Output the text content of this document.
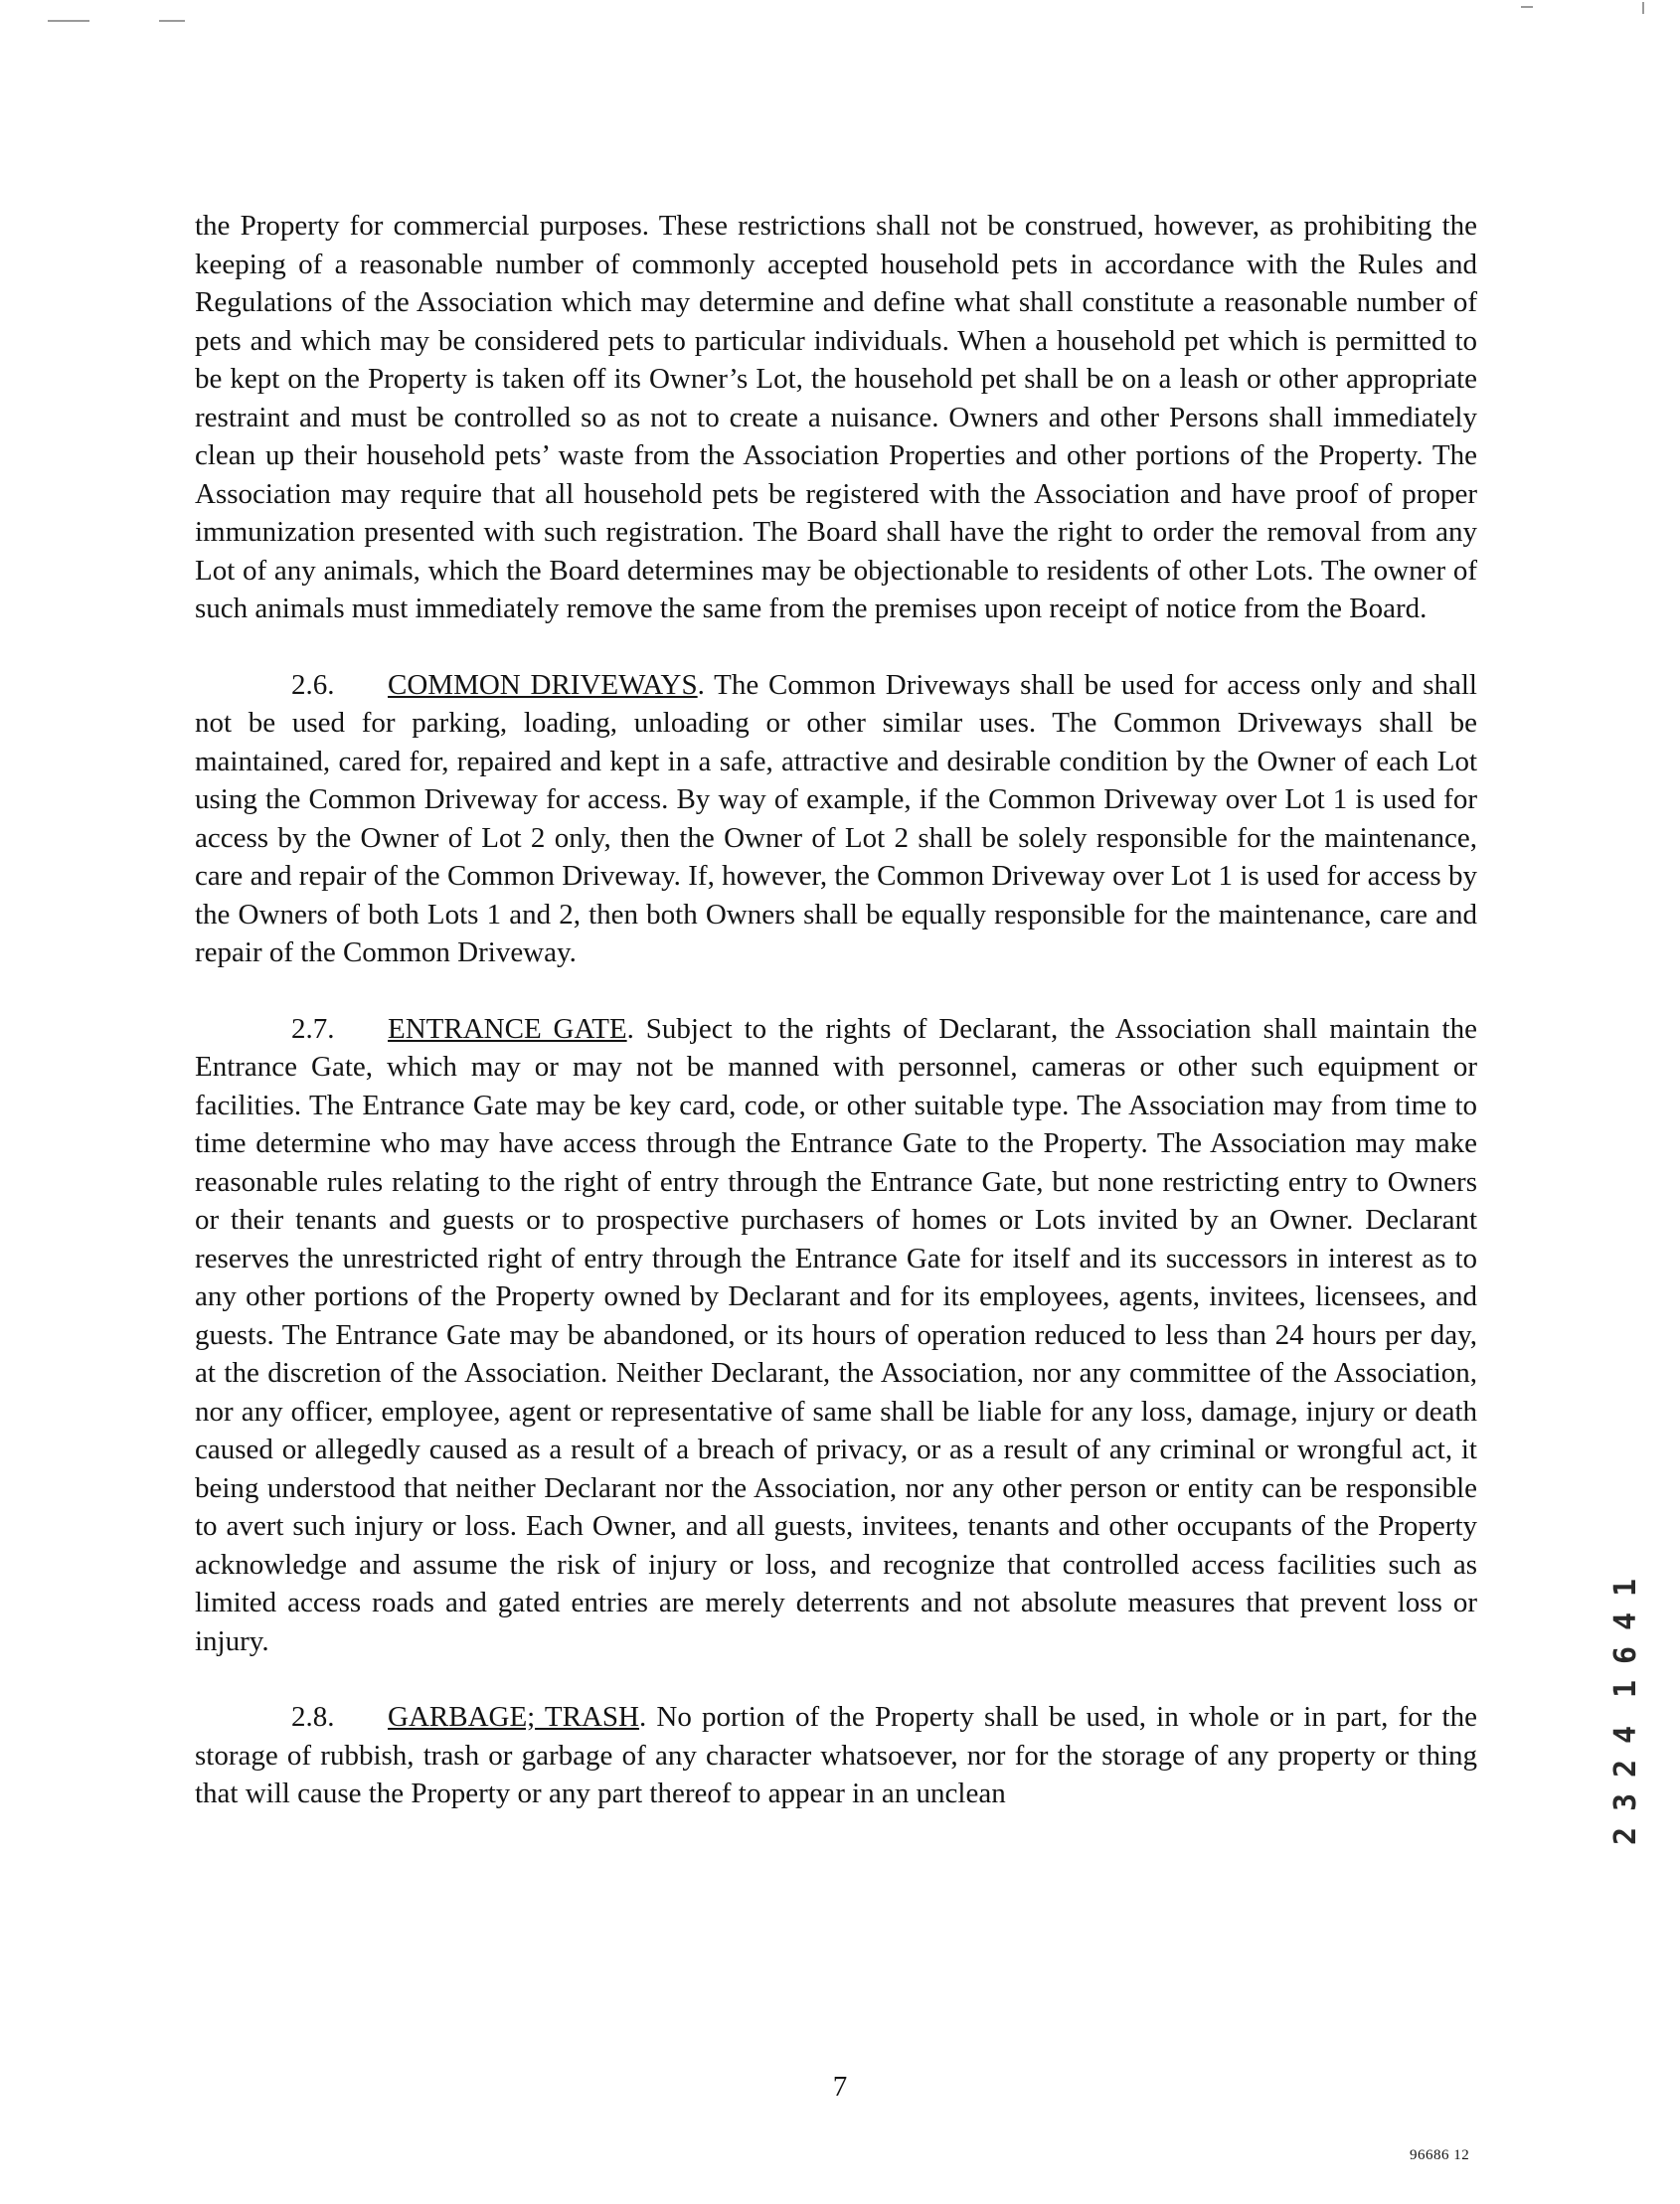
the Property for commercial purposes. These restrictions shall not be construed, however, as prohibiting the keeping of a reasonable number of commonly accepted household pets in accordance with the Rules and Regulations of the Association which may determine and define what shall constitute a reasonable number of pets and which may be considered pets to particular individuals. When a household pet which is permitted to be kept on the Property is taken off its Owner’s Lot, the household pet shall be on a leash or other appropriate restraint and must be controlled so as not to create a nuisance. Owners and other Persons shall immediately clean up their household pets’ waste from the Association Properties and other portions of the Property. The Association may require that all household pets be registered with the Association and have proof of proper immunization presented with such registration. The Board shall have the right to order the removal from any Lot of any animals, which the Board determines may be objectionable to residents of other Lots. The owner of such animals must immediately remove the same from the premises upon receipt of notice from the Board.

2.6. COMMON DRIVEWAYS. The Common Driveways shall be used for access only and shall not be used for parking, loading, unloading or other similar uses. The Common Driveways shall be maintained, cared for, repaired and kept in a safe, attractive and desirable condition by the Owner of each Lot using the Common Driveway for access. By way of example, if the Common Driveway over Lot 1 is used for access by the Owner of Lot 2 only, then the Owner of Lot 2 shall be solely responsible for the maintenance, care and repair of the Common Driveway. If, however, the Common Driveway over Lot 1 is used for access by the Owners of both Lots 1 and 2, then both Owners shall be equally responsible for the maintenance, care and repair of the Common Driveway.

2.7. ENTRANCE GATE. Subject to the rights of Declarant, the Association shall maintain the Entrance Gate, which may or may not be manned with personnel, cameras or other such equipment or facilities. The Entrance Gate may be key card, code, or other suitable type. The Association may from time to time determine who may have access through the Entrance Gate to the Property. The Association may make reasonable rules relating to the right of entry through the Entrance Gate, but none restricting entry to Owners or their tenants and guests or to prospective purchasers of homes or Lots invited by an Owner. Declarant reserves the unrestricted right of entry through the Entrance Gate for itself and its successors in interest as to any other portions of the Property owned by Declarant and for its employees, agents, invitees, licensees, and guests. The Entrance Gate may be abandoned, or its hours of operation reduced to less than 24 hours per day, at the discretion of the Association. Neither Declarant, the Association, nor any committee of the Association, nor any officer, employee, agent or representative of same shall be liable for any loss, damage, injury or death caused or allegedly caused as a result of a breach of privacy, or as a result of any criminal or wrongful act, it being understood that neither Declarant nor the Association, nor any other person or entity can be responsible to avert such injury or loss. Each Owner, and all guests, invitees, tenants and other occupants of the Property acknowledge and assume the risk of injury or loss, and recognize that controlled access facilities such as limited access roads and gated entries are merely deterrents and not absolute measures that prevent loss or injury.

2.8. GARBAGE; TRASH. No portion of the Property shall be used, in whole or in part, for the storage of rubbish, trash or garbage of any character whatsoever, nor for the storage of any property or thing that will cause the Property or any part thereof to appear in an unclean

1
4
6
1
4
2
3
2
7
96686 12
